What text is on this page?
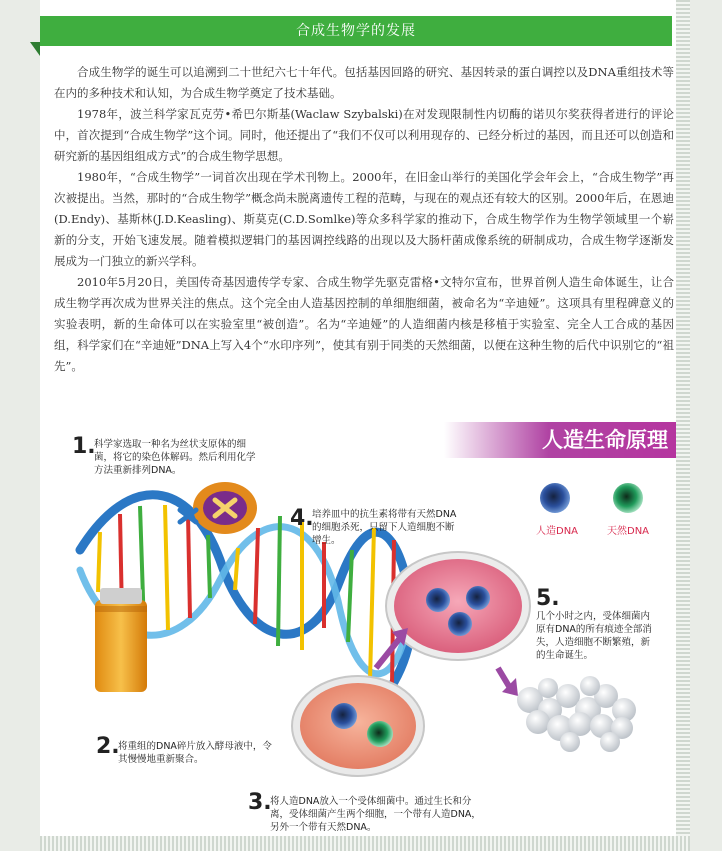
合成生物学的发展

合成生物学的诞生可以追溯到二十世纪六七十年代。包括基因回路的研究、基因转录的蛋白调控以及DNA重组技术等在内的多种技术和认知，为合成生物学奠定了技术基础。

1978年，波兰科学家瓦克劳•希巴尔斯基(Waclaw Szybalski)在对发现限制性内切酶的诺贝尔奖获得者进行的评论中，首次提到“合成生物学”这个词。同时，他还提出了“我们不仅可以利用现存的、已经分析过的基因，而且还可以创造和研究新的基因组组成方式”的合成生物学思想。

1980年，“合成生物学”一词首次出现在学术刊物上。2000年，在旧金山举行的美国化学会年会上，“合成生物学”再次被提出。当然，那时的“合成生物学”概念尚未脱离遗传工程的范畴，与现在的观点还有较大的区别。2000年后，在恩迪(D.Endy)、基斯林(J.D.Keasling)、斯莫克(C.D.Somlke)等众多科学家的推动下，合成生物学作为生物学领域里一个崭新的分支，开始飞速发展。随着模拟逻辑门的基因调控线路的出现以及大肠杆菌成像系统的研制成功，合成生物学逐渐发展成为一门独立的新兴学科。

2010年5月20日，美国传奇基因遗传学专家、合成生物学先驱克雷格•文特尔宣布，世界首例人造生命体诞生，让合成生物学再次成为世界关注的焦点。这个完全由人造基因控制的单细胞细菌，被命名为“辛迪娅”。这项具有里程碑意义的实验表明，新的生命体可以在实验室里“被创造”。名为“辛迪娅”的人造细菌内核是移植于实验室、完全人工合成的基因组，科学家们在“辛迪娅”DNA上写入4个“水印序列”，使其有别于同类的天然细菌，以便在这种生物的后代中识别它的“祖先”。

人造生命原理
人造DNA	天然DNA
1.
科学家选取一种名为丝状支原体的细菌，将它的染色体解码。然后利用化学方法重新排列DNA。
2.
将重组的DNA碎片放入酵母液中，令其慢慢地重新聚合。
3.
将人造DNA放入一个受体细菌中。通过生长和分离，受体细菌产生两个细胞，一个带有人造DNA，另外一个带有天然DNA。
4.
培养皿中的抗生素将带有天然DNA的细胞杀死，只留下人造细胞不断增生。
5.
几个小时之内，受体细菌内原有DNA的所有痕迹全部消失，人造细胞不断繁殖，新的生命诞生。
